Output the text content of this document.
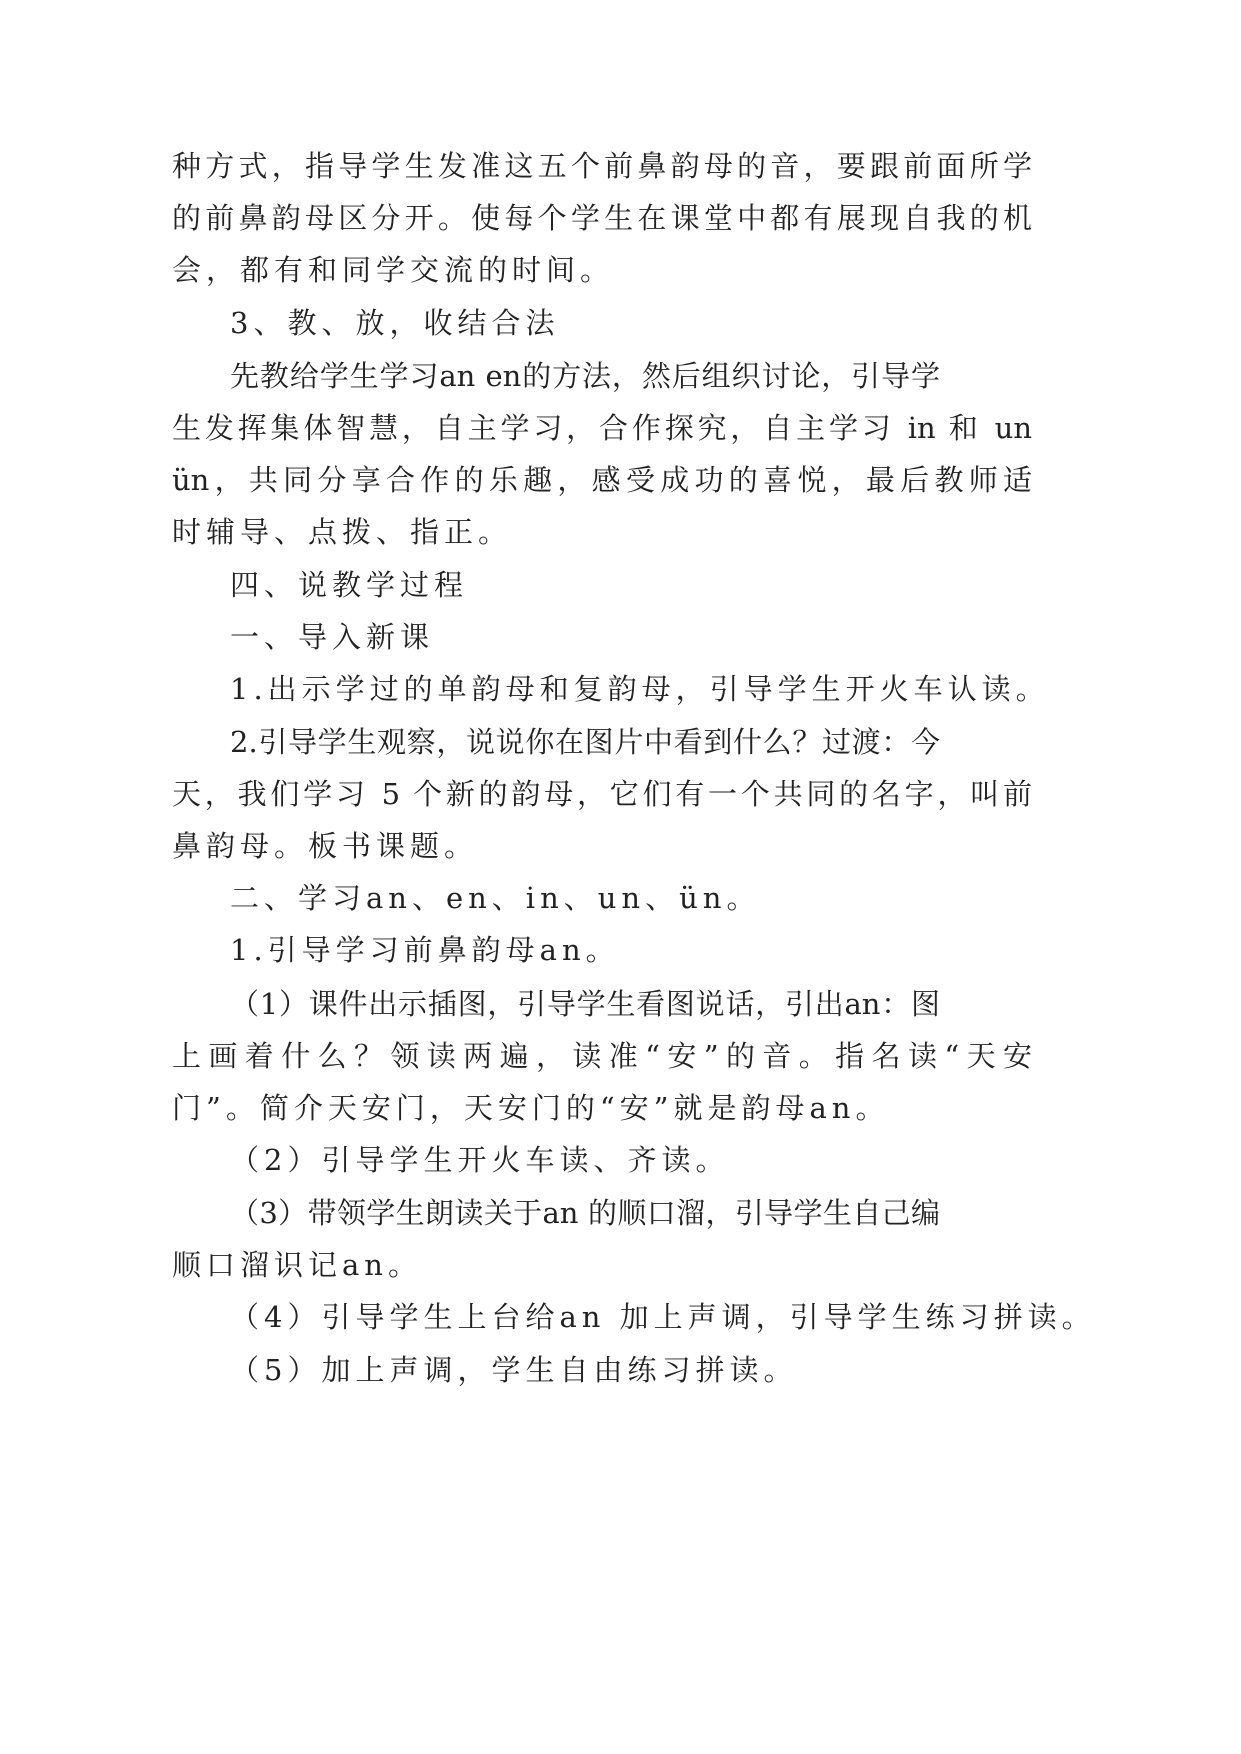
种方式，指导学生发准这五个前鼻韵母的音，要跟前面所学
的前鼻韵母区分开。使每个学生在课堂中都有展现自我的机
会，都有和同学交流的时间。
3、教、放，收结合法
先教给学生学习an en的方法，然后组织讨论，引导学
生发挥集体智慧，自主学习，合作探究，自主学习 in 和 un
ün，共同分享合作的乐趣，感受成功的喜悦，最后教师适
时辅导、点拨、指正。
四、说教学过程
一、导入新课
1.出示学过的单韵母和复韵母，引导学生开火车认读。
2.引导学生观察，说说你在图片中看到什么？过渡：今
天，我们学习 5 个新的韵母，它们有一个共同的名字，叫前
鼻韵母。板书课题。
二、学习an、en、in、un、ün。
1.引导学习前鼻韵母an。
（1）课件出示插图，引导学生看图说话，引出an：图
上画着什么？领读两遍，读准“安”的音。指名读“天安
门”。简介天安门，天安门的“安”就是韵母an。
（2）引导学生开火车读、齐读。
（3）带领学生朗读关于an 的顺口溜，引导学生自己编
顺口溜识记an。
（4）引导学生上台给an 加上声调，引导学生练习拼读。
（5）加上声调，学生自由练习拼读。
